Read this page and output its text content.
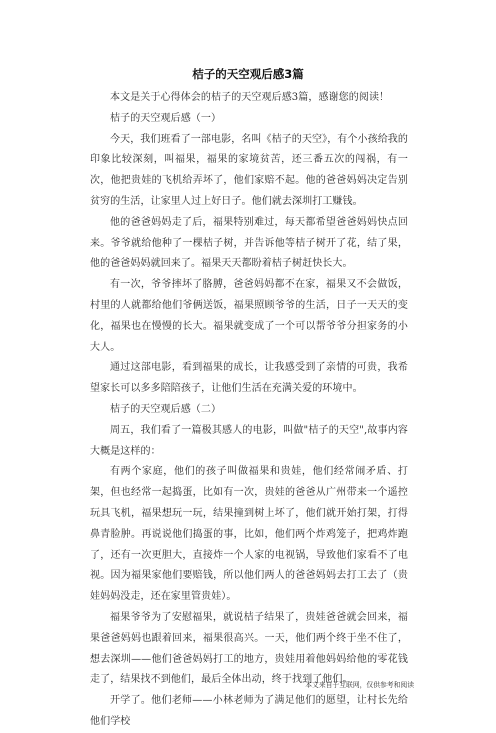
桔子的天空观后感3篇

本文是关于心得体会的桔子的天空观后感3篇，感谢您的阅读！

桔子的天空观后感（一）

今天，我们班看了一部电影，名叫《桔子的天空》，有个小孩给我的印象比较深刻，叫福果，福果的家境贫苦，还三番五次的闯祸，有一次，他把贵娃的飞机给弄坏了，他们家赔不起。他的爸爸妈妈决定告别贫穷的生活，让家里人过上好日子。他们就去深圳打工赚钱。

他的爸爸妈妈走了后，福果特别难过，每天都希望爸爸妈妈快点回来。爷爷就给他种了一棵桔子树，并告诉他等桔子树开了花，结了果，他的爸爸妈妈就回来了。福果天天都盼着桔子树赶快长大。

有一次，爷爷摔坏了胳膊，爸爸妈妈都不在家，福果又不会做饭，村里的人就都给他们爷俩送饭，福果照顾爷爷的生活，日子一天天的变化，福果也在慢慢的长大。福果就变成了一个可以帮爷爷分担家务的小大人。

通过这部电影，看到福果的成长，让我感受到了亲情的可贵，我希望家长可以多多陪陪孩子，让他们生活在充满关爱的环境中。

桔子的天空观后感（二）

周五，我们看了一篇极其感人的电影，叫做"桔子的天空",故事内容大概是这样的：

有两个家庭，他们的孩子叫做福果和贵娃，他们经常闹矛盾、打架，但也经常一起捣蛋，比如有一次，贵娃的爸爸从广州带来一个遥控玩具飞机，福果想玩一玩，结果撞到树上坏了，他们就开始打架，打得鼻青脸肿。再说说他们捣蛋的事，比如，他们两个炸鸡笼子，把鸡炸跑了，还有一次更胆大，直接炸一个人家的电视锅，导致他们家看不了电视。因为福果家他们要赔钱，所以他们两人的爸爸妈妈去打工去了（贵娃妈妈没走，还在家里管贵娃）。

福果爷爷为了安慰福果，就说桔子结果了，贵娃爸爸就会回来，福果爸爸妈妈也跟着回来，福果很高兴。一天，他们两个终于坐不住了，想去深圳——他们爸爸妈妈打工的地方，贵娃用着他妈妈给他的零花钱走了，结果找不到他们，最后全体出动，终于找到了他们。

开学了。他们老师——小林老师为了满足他们的愿望，让村长先给他们学校

本文来自于互联网，仅供参考和阅读
